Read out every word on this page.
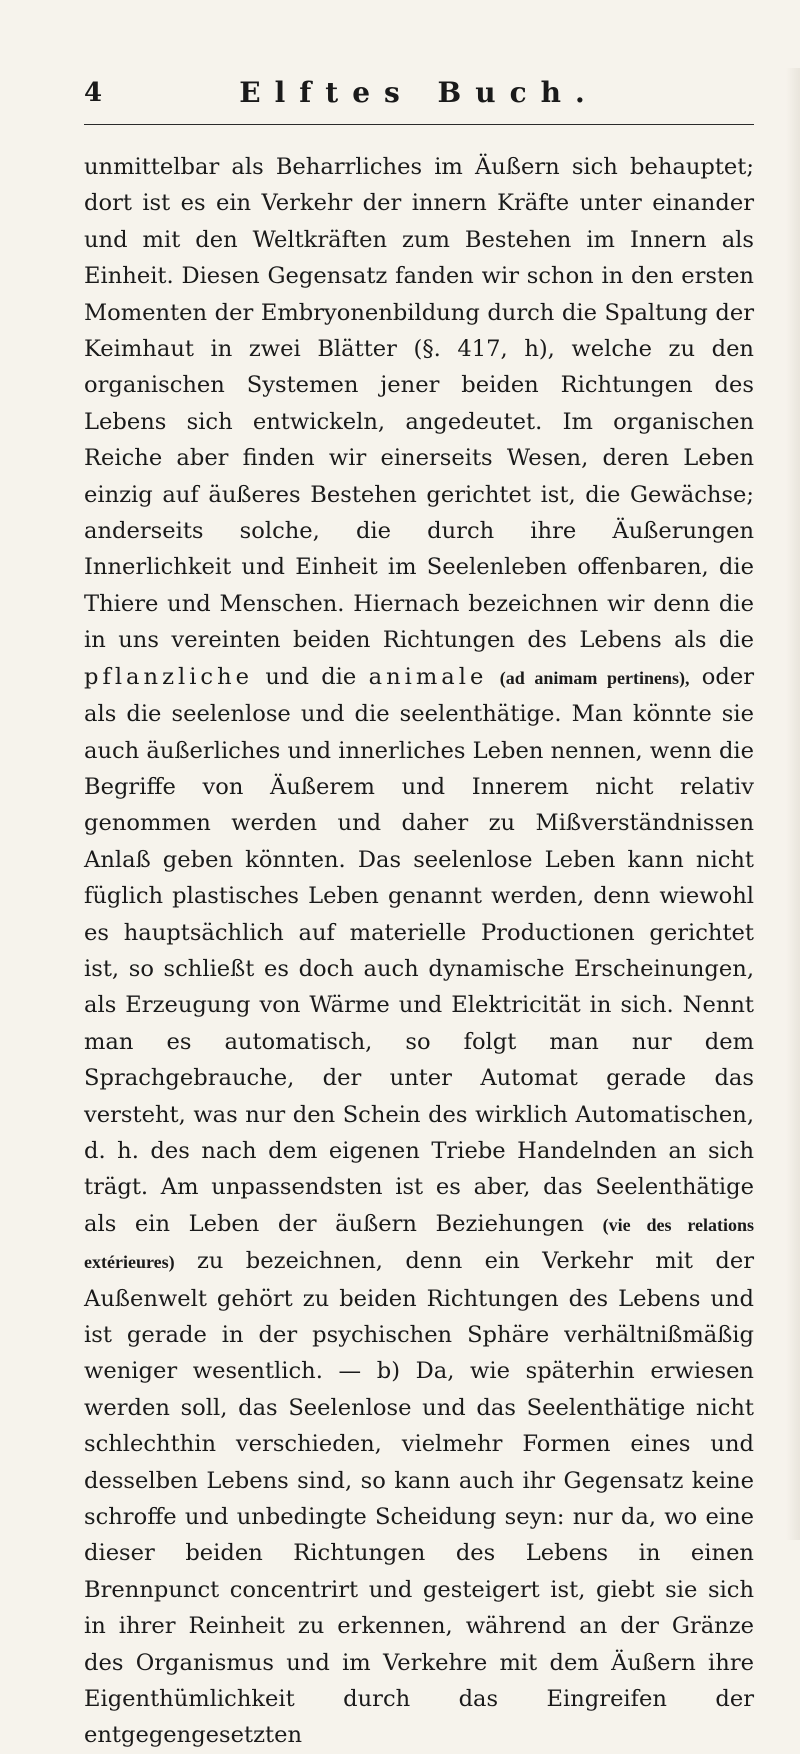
4	Elftes Buch.

unmittelbar als Beharrliches im Äußern sich behauptet; dort ist es ein Verkehr der innern Kräfte unter einander und mit den Weltkräften zum Bestehen im Innern als Einheit. Diesen Gegensatz fanden wir schon in den ersten Momenten der Embryonenbildung durch die Spaltung der Keimhaut in zwei Blätter (§. 417, h), welche zu den organischen Systemen jener beiden Richtungen des Lebens sich entwickeln, angedeutet. Im organischen Reiche aber finden wir einerseits Wesen, deren Leben einzig auf äußeres Bestehen gerichtet ist, die Gewächse; anderseits solche, die durch ihre Äußerungen Innerlichkeit und Einheit im Seelenleben offenbaren, die Thiere und Menschen. Hiernach bezeichnen wir denn die in uns vereinten beiden Richtungen des Lebens als die pflanzliche und die animale (ad animam pertinens), oder als die seelenlose und die seelenthätige. Man könnte sie auch äußerliches und innerliches Leben nennen, wenn die Begriffe von Äußerem und Innerem nicht relativ genommen werden und daher zu Mißverständnissen Anlaß geben könnten. Das seelenlose Leben kann nicht füglich plastisches Leben genannt werden, denn wiewohl es hauptsächlich auf materielle Productionen gerichtet ist, so schließt es doch auch dynamische Erscheinungen, als Erzeugung von Wärme und Elektricität in sich. Nennt man es automatisch, so folgt man nur dem Sprachgebrauche, der unter Automat gerade das versteht, was nur den Schein des wirklich Automatischen, d. h. des nach dem eigenen Triebe Handelnden an sich trägt. Am unpassendsten ist es aber, das Seelenthätige als ein Leben der äußern Beziehungen (vie des relations extérieures) zu bezeichnen, denn ein Verkehr mit der Außenwelt gehört zu beiden Richtungen des Lebens und ist gerade in der psychischen Sphäre verhältnißmäßig weniger wesentlich. — b) Da, wie späterhin erwiesen werden soll, das Seelenlose und das Seelenthätige nicht schlechthin verschieden, vielmehr Formen eines und desselben Lebens sind, so kann auch ihr Gegensatz keine schroffe und unbedingte Scheidung seyn: nur da, wo eine dieser beiden Richtungen des Lebens in einen Brennpunct concentrirt und gesteigert ist, giebt sie sich in ihrer Reinheit zu erkennen, während an der Gränze des Organismus und im Verkehre mit dem Äußern ihre Eigenthümlichkeit durch das Eingreifen der entgegengesetzten
